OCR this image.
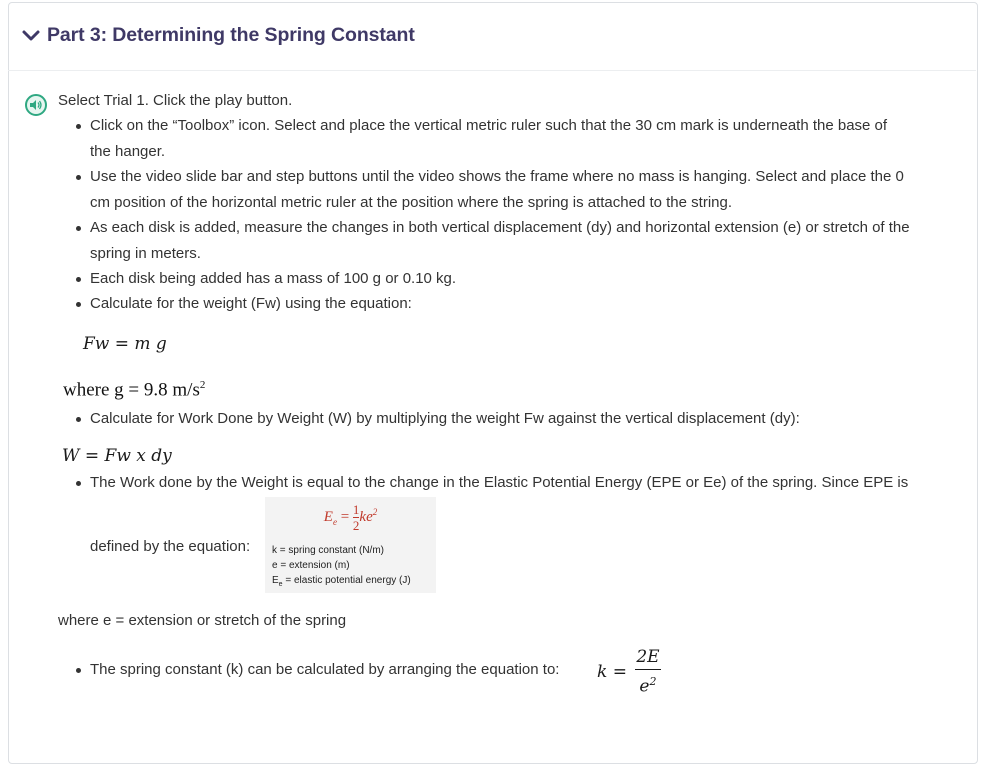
Part 3: Determining the Spring Constant
Select Trial 1. Click the play button.
Click on the “Toolbox” icon. Select and place the vertical metric ruler such that the 30 cm mark is underneath the base of
the hanger.
Use the video slide bar and step buttons until the video shows the frame where no mass is hanging. Select and place the 0
cm position of the horizontal metric ruler at the position where the spring is attached to the string.
As each disk is added, measure the changes in both vertical displacement (dy) and horizontal extension (e) or stretch of the
spring in meters.
Each disk being added has a mass of 100 g or 0.10 kg.
Calculate for the weight (Fw) using the equation:
Fw = m g
where g = 9.8 $m/s^2$
Calculate for Work Done by Weight (W) by multiplying the weight Fw against the vertical displacement (dy):
W = Fw x dy
The Work done by the Weight is equal to the change in the Elastic Potential Energy (EPE or Ee) of the spring. Since EPE is
defined by the equation:
$E_e = \frac{1}{2} ke^2$
k = spring constant (N/m)
e = extension (m)
$E_e$ = elastic potential energy (J)
where e = extension or stretch of the spring
The spring constant (k) can be calculated by arranging the equation to: k =
2E
$e^2$
